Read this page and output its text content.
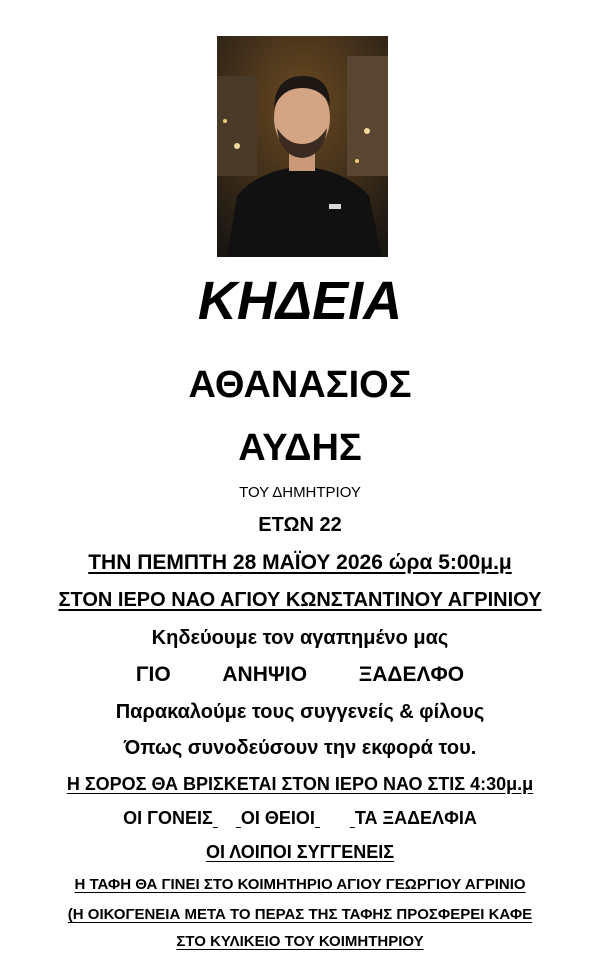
ΚΗΔΕΙΑ
ΑΘΑΝΑΣΙΟΣ
ΑΥΔΗΣ
ΤΟΥ ΔΗΜΗΤΡΙΟΥ
ΕΤΩΝ 22
ΤΗΝ ΠΕΜΠΤΗ 28 ΜΑΪΟΥ 2026 ώρα 5:00μ.μ
ΣΤΟΝ ΙΕΡΟ ΝΑΟ ΑΓΙΟΥ ΚΩΝΣΤΑΝΤΙΝΟΥ ΑΓΡΙΝΙΟΥ
Κηδεύουμε τον αγαπημένο μας
ΓΙΟ ΑΝΗΨΙΟ ΞΑΔΕΛΦΟ
Παρακαλούμε τους συγγενείς & φίλους
Όπως συνοδεύσουν την εκφορά του.
Η ΣΟΡΟΣ ΘΑ ΒΡΙΣΚΕΤΑΙ ΣΤΟΝ ΙΕΡΟ ΝΑΟ ΣΤΙΣ 4:30μ.μ
ΟΙ ΓΟΝΕΙΣ ΟΙ ΘΕΙΟΙ ΤΑ ΞΑΔΕΛΦΙΑ
ΟΙ ΛΟΙΠΟΙ ΣΥΓΓΕΝΕΙΣ
Η ΤΑΦΗ ΘΑ ΓΙΝΕΙ ΣΤΟ ΚΟΙΜΗΤΗΡΙΟ ΑΓΙΟΥ ΓΕΩΡΓΙΟΥ ΑΓΡΙΝΙΟ
(Η ΟΙΚΟΓΕΝΕΙΑ ΜΕΤΑ ΤΟ ΠΕΡΑΣ ΤΗΣ ΤΑΦΗΣ ΠΡΟΣΦΕΡΕΙ ΚΑΦΕ
ΣΤΟ ΚΥΛΙΚΕΙΟ ΤΟΥ ΚΟΙΜΗΤΗΡΙΟΥ
